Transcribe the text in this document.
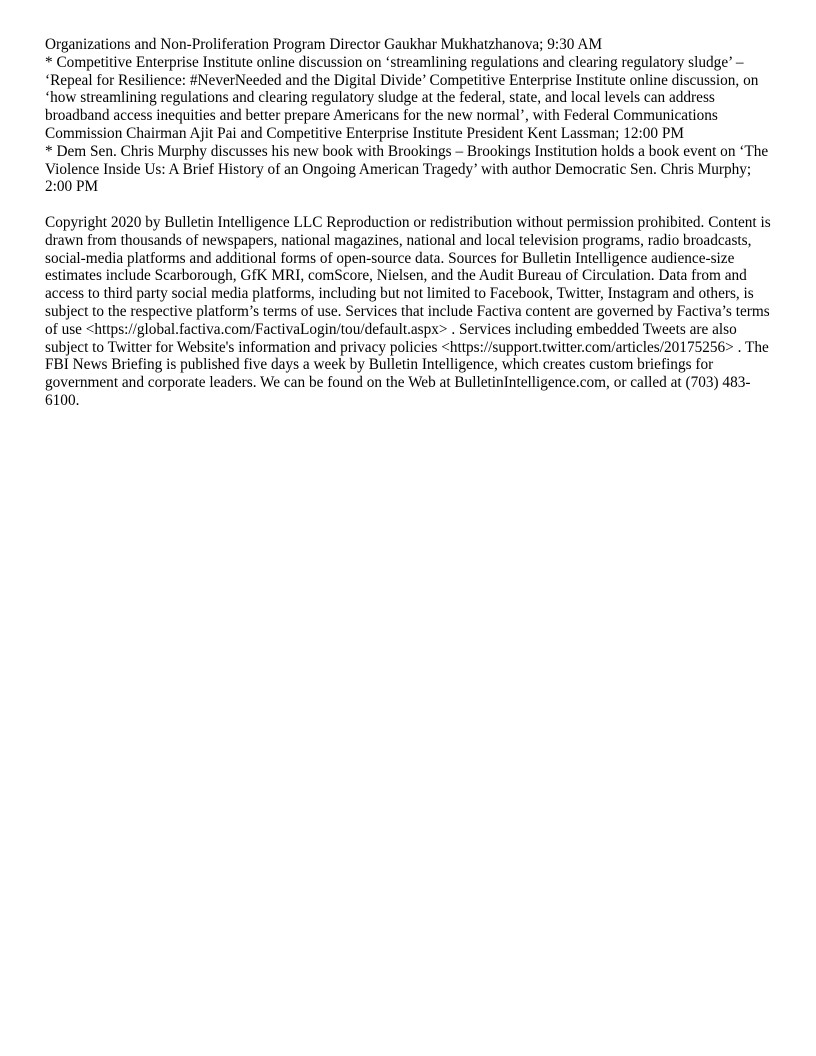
Organizations and Non-Proliferation Program Director Gaukhar Mukhatzhanova; 9:30 AM

* Competitive Enterprise Institute online discussion on ‘streamlining regulations and clearing regulatory sludge’ – ‘Repeal for Resilience: #NeverNeeded and the Digital Divide’ Competitive Enterprise Institute online discussion, on ‘how streamlining regulations and clearing regulatory sludge at the federal, state, and local levels can address broadband access inequities and better prepare Americans for the new normal’, with Federal Communications Commission Chairman Ajit Pai and Competitive Enterprise Institute President Kent Lassman; 12:00 PM

* Dem Sen. Chris Murphy discusses his new book with Brookings – Brookings Institution holds a book event on ‘The Violence Inside Us: A Brief History of an Ongoing American Tragedy’ with author Democratic Sen. Chris Murphy; 2:00 PM

Copyright 2020 by Bulletin Intelligence LLC Reproduction or redistribution without permission prohibited. Content is drawn from thousands of newspapers, national magazines, national and local television programs, radio broadcasts, social-media platforms and additional forms of open-source data. Sources for Bulletin Intelligence audience-size estimates include Scarborough, GfK MRI, comScore, Nielsen, and the Audit Bureau of Circulation. Data from and access to third party social media platforms, including but not limited to Facebook, Twitter, Instagram and others, is subject to the respective platform’s terms of use. Services that include Factiva content are governed by Factiva’s terms of use <https://global.factiva.com/FactivaLogin/tou/default.aspx> . Services including embedded Tweets are also subject to Twitter for Website's information and privacy policies <https://support.twitter.com/articles/20175256> . The FBI News Briefing is published five days a week by Bulletin Intelligence, which creates custom briefings for government and corporate leaders. We can be found on the Web at BulletinIntelligence.com, or called at (703) 483-6100.
